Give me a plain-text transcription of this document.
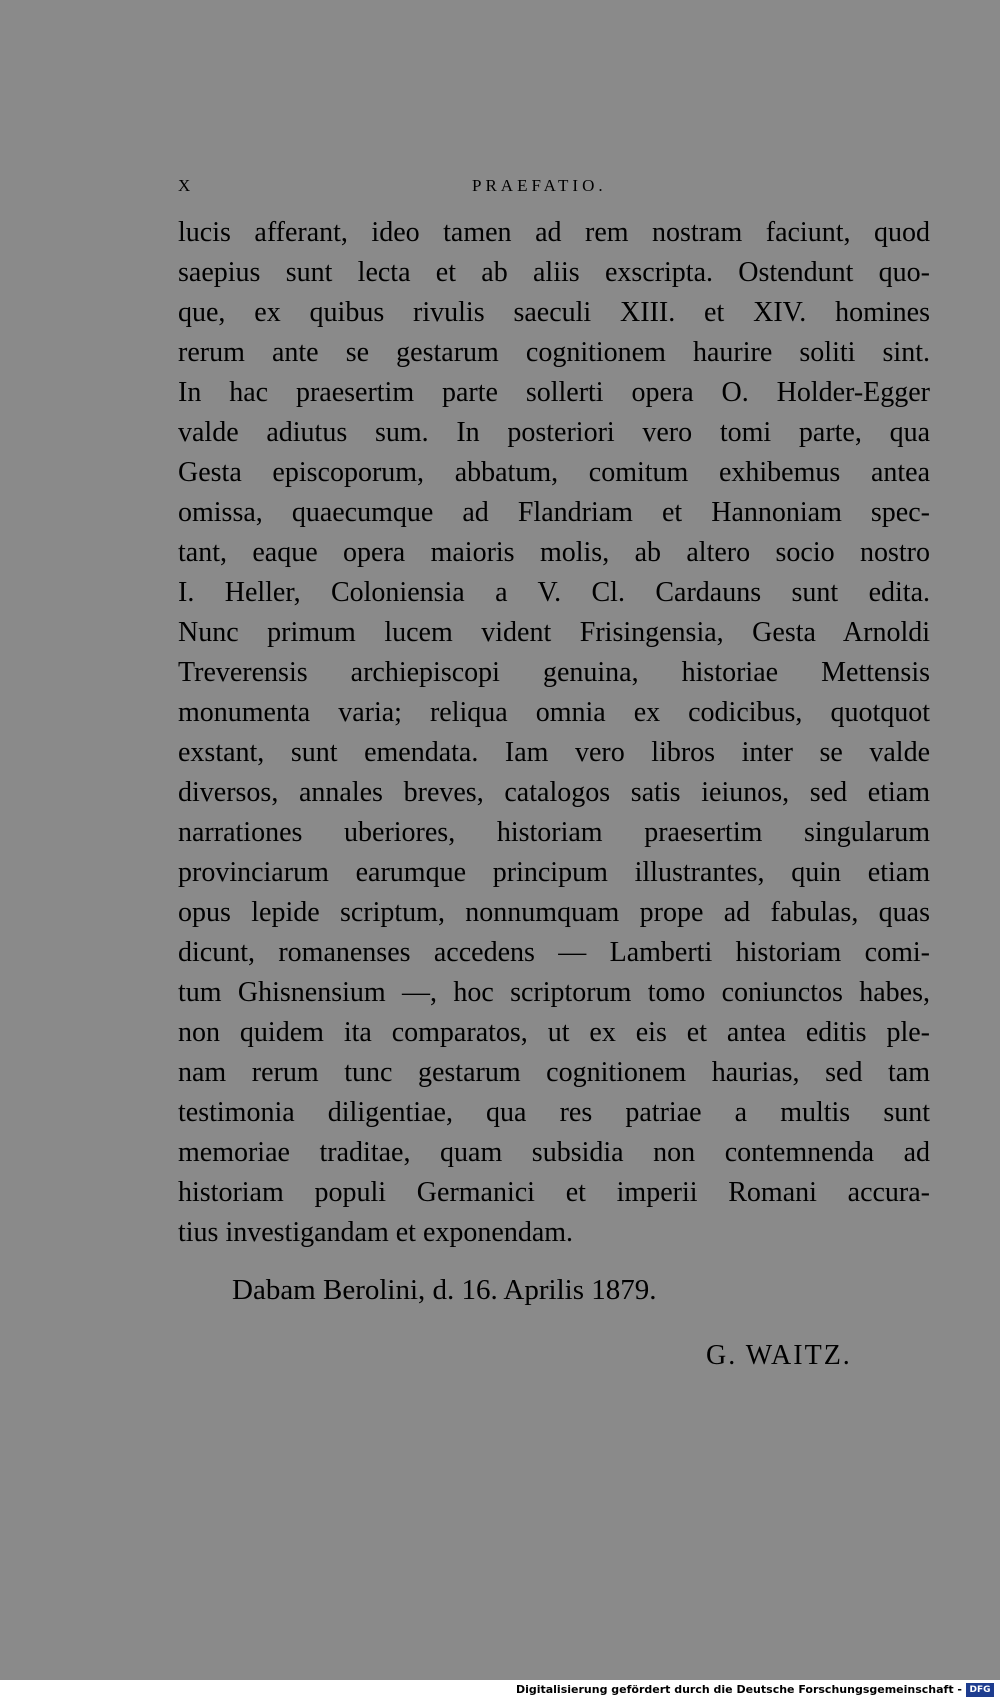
X	PRAEFATIO.
lucis afferant, ideo tamen ad rem nostram faciunt, quod
saepius sunt lecta et ab aliis exscripta. Ostendunt quo-
que, ex quibus rivulis saeculi XIII. et XIV. homines
rerum ante se gestarum cognitionem haurire soliti sint.
In hac praesertim parte sollerti opera O. Holder-Egger
valde adiutus sum. In posteriori vero tomi parte, qua
Gesta episcoporum, abbatum, comitum exhibemus antea
omissa, quaecumque ad Flandriam et Hannoniam spec-
tant, eaque opera maioris molis, ab altero socio nostro
I. Heller, Coloniensia a V. Cl. Cardauns sunt edita.
Nunc primum lucem vident Frisingensia, Gesta Arnoldi
Treverensis archiepiscopi genuina, historiae Mettensis
monumenta varia; reliqua omnia ex codicibus, quotquot
exstant, sunt emendata. Iam vero libros inter se valde
diversos, annales breves, catalogos satis ieiunos, sed etiam
narrationes uberiores, historiam praesertim singularum
provinciarum earumque principum illustrantes, quin etiam
opus lepide scriptum, nonnumquam prope ad fabulas, quas
dicunt, romanenses accedens — Lamberti historiam comi-
tum Ghisnensium —, hoc scriptorum tomo coniunctos habes,
non quidem ita comparatos, ut ex eis et antea editis ple-
nam rerum tunc gestarum cognitionem haurias, sed tam
testimonia diligentiae, qua res patriae a multis sunt
memoriae traditae, quam subsidia non contemnenda ad
historiam populi Germanici et imperii Romani accura-
tius investigandam et exponendam.
Dabam Berolini, d. 16. Aprilis 1879.
G. WAITZ.
Digitalisierung gefördert durch die Deutsche Forschungsgemeinschaft - DFG
